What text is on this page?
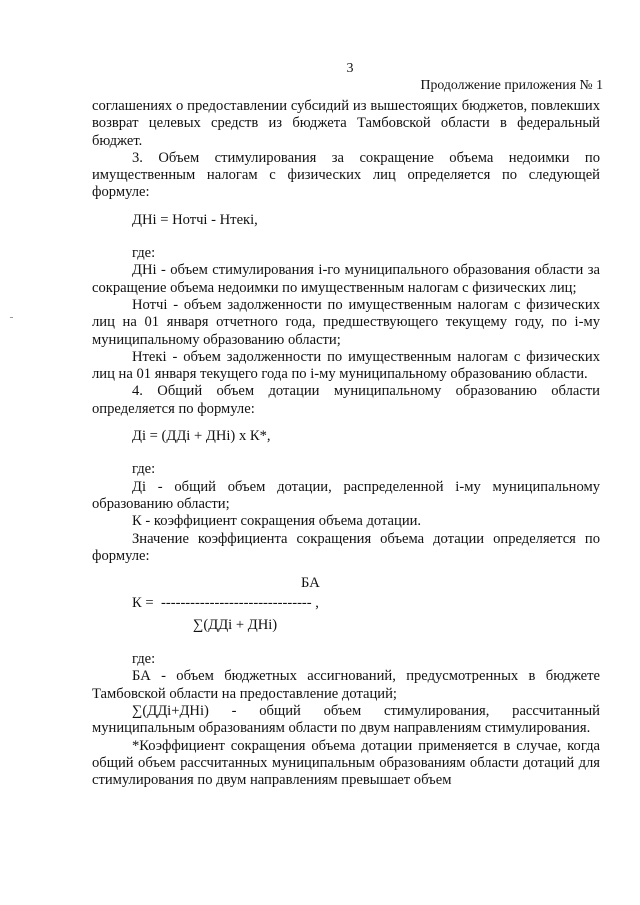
3
Продолжение приложения № 1

соглашениях о предоставлении субсидий из вышестоящих бюджетов, повлекших возврат целевых средств из бюджета Тамбовской области в федеральный бюджет.

3. Объем стимулирования за сокращение объема недоимки по имущественным налогам с физических лиц определяется по следующей формуле:

ДНі = Нотчі - Нтекі,

где:

ДНі - объем стимулирования і-го муниципального образования области за сокращение объема недоимки по имущественным налогам с физических лиц;

Нотчі - объем задолженности по имущественным налогам с физических лиц на 01 января отчетного года, предшествующего текущему году, по і-му муниципальному образованию области;

Нтекі - объем задолженности по имущественным налогам с физических лиц на 01 января текущего года по і-му муниципальному образованию области.

4. Общий объем дотации муниципальному образованию области определяется по формуле:

Дi = (ДДі + ДНі) х К*,

где:

Дi - общий объем дотации, распределенной і-му муниципальному образованию области;

К - коэффициент сокращения объема дотации.

Значение коэффициента сокращения объема дотации определяется по формуле:

К =
БА
------------------------------- ,
∑(ДДі + ДНі)

где:

БА - объем бюджетных ассигнований, предусмотренных в бюджете Тамбовской области на предоставление дотаций;

∑(ДДі+ДНі) - общий объем стимулирования, рассчитанный муниципальным образованиям области по двум направлениям стимулирования.

*Коэффициент сокращения объема дотации применяется в случае, когда общий объем рассчитанных муниципальным образованиям области дотаций для стимулирования по двум направлениям превышает объем
